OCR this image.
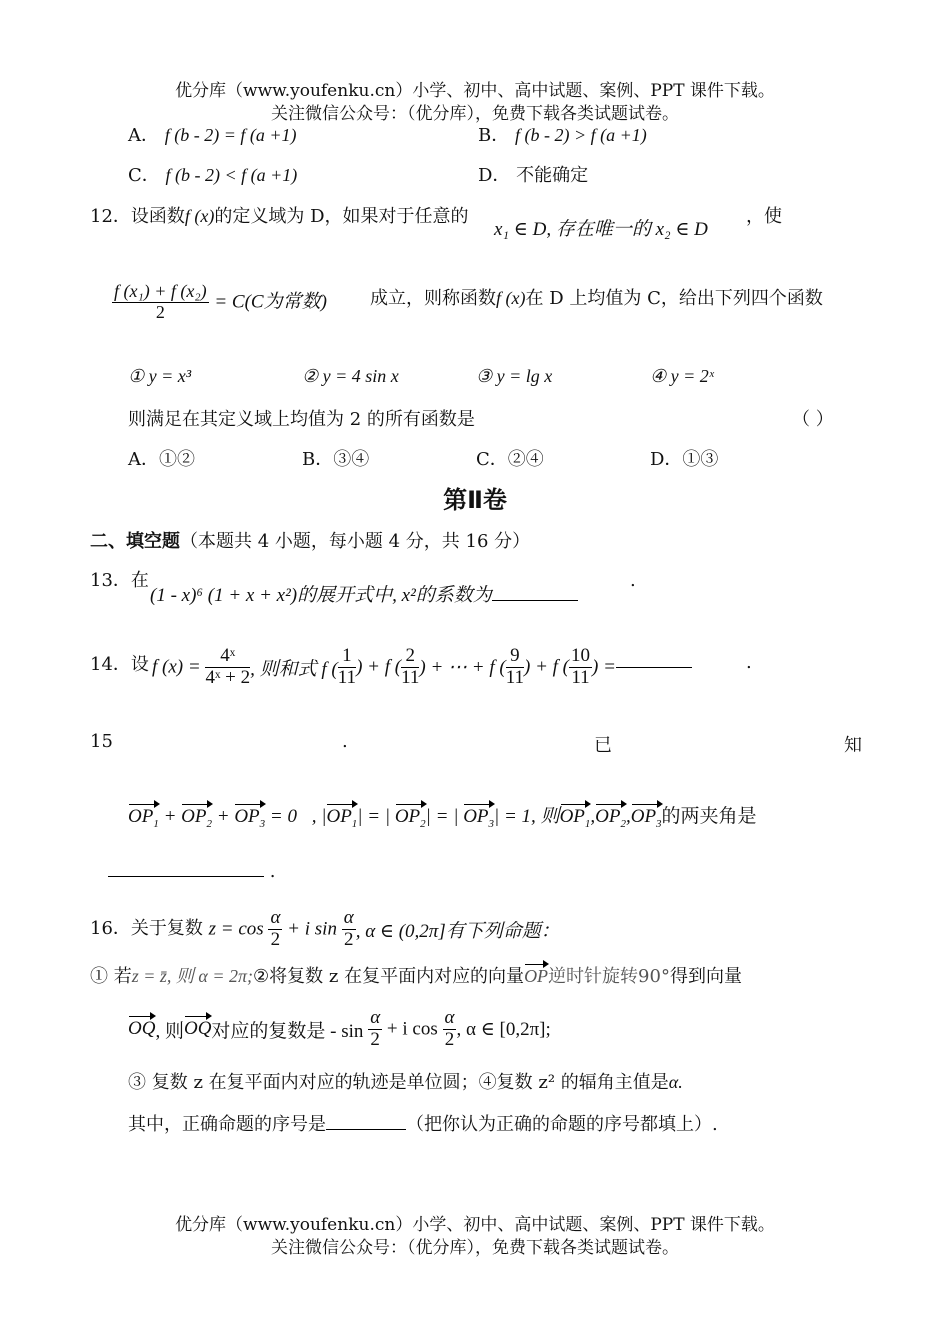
优分库（www.youfenku.cn）小学、初中、高中试题、案例、PPT 课件下载。
关注微信公众号：（优分库），免费下载各类试题试卷。
A． f (b - 2) = f (a +1)	B． f (b - 2) > f (a +1)
C． f (b - 2) < f (a +1)	D． 不能确定
12．设函数f (x)的定义域为 D，如果对于任意的
x₁ ∈ D, 存在唯一的 x₂ ∈ D
，使
$\frac{\text{f (x₁) + f (x₂)}}{2} = C(C$为常数) 成立，则称函数f (x)在 D 上均值为 C，给出下列四个函数
① y = x³	② y = 4 sin x	③ y = lg x	④ y = 2ˣ
则满足在其定义域上均值为 2 的所有函数是	（ ）
A．①②	B．③④	C．②④	D．①③
第Ⅱ卷
二、填空题（本题共 4 小题，每小题 4 分，共 16 分）
13．在
(1 - x)⁶ (1 + x + x²)的展开式中, x²的系数为
.
14．设 f $(x) = \frac{\text{4ˣ}}{\text{4ˣ + 2}}$ , 则和式 f ( $\frac{1}{11}$ ) + f ( $\frac{2}{11}$ ) + ⋯ + f ( $\frac{9}{11}$ ) + f ( $\frac{10}{11}$ ) =	.
15	.	已	知
$OP_1 + OP_2 + OP_3$ = 0⃗, $|OP_1|$ = | $OP_2|$ = | $OP_3| = 1$, 则$OP_1,OP_2,OP_3$的两夹角是
.
16．关于复数 $z = \cos \frac{\alpha}{2} + i$ $\sin \frac{\alpha}{2}$ , α ∈ (0,2π]有下列命题：
① 若z = z̄, 则 α = 2π;②将复数 z 在复平面内对应的向量OP逆时针旋转90°得到向量
OQ, 则OQ对应的复数是 - $\sin \frac{\alpha}{2} + i$ $\cos \frac{\alpha}{2}$ , α ∈ [0,2π];
③ 复数 z 在复平面内对应的轨迹是单位圆；④复数 z² 的辐角主值是α.
其中，正确命题的序号是	（把你认为正确的命题的序号都填上）.
优分库（www.youfenku.cn）小学、初中、高中试题、案例、PPT 课件下载。
关注微信公众号：（优分库），免费下载各类试题试卷。
